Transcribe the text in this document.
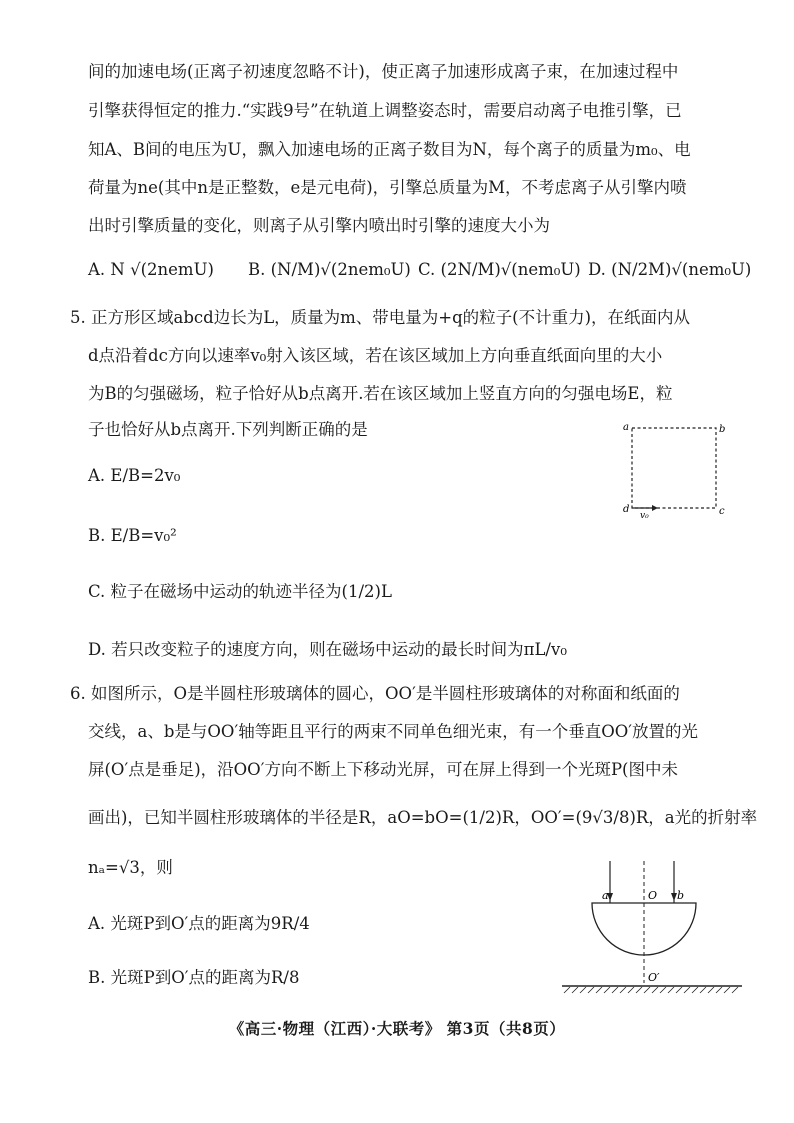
间的加速电场(正离子初速度忽略不计)，使正离子加速形成离子束，在加速过程中
引擎获得恒定的推力.“实践9号”在轨道上调整姿态时，需要启动离子电推引擎，已
知A、B间的电压为U，飘入加速电场的正离子数目为N，每个离子的质量为m₀、电
荷量为ne(其中n是正整数，e是元电荷)，引擎总质量为M，不考虑离子从引擎内喷
出时引擎质量的变化，则离子从引擎内喷出时引擎的速度大小为
A. N √(2nemU) B. (N/M)√(2nem₀U) C. (2N/M)√(nem₀U) D. (N/2M)√(nem₀U)
5. 正方形区域abcd边长为L，质量为m、带电量为+q的粒子(不计重力)，在纸面内从
d点沿着dc方向以速率v₀射入该区域，若在该区域加上方向垂直纸面向里的大小
为B的匀强磁场，粒子恰好从b点离开.若在该区域加上竖直方向的匀强电场E，粒
子也恰好从b点离开.下列判断正确的是
A. E/B=2v₀
B. E/B=v₀²
C. 粒子在磁场中运动的轨迹半径为(1/2)L
D. 若只改变粒子的速度方向，则在磁场中运动的最长时间为πL/v₀
a	b
c
d
v₀
6. 如图所示，O是半圆柱形玻璃体的圆心，OO′是半圆柱形玻璃体的对称面和纸面的
交线，a、b是与OO′轴等距且平行的两束不同单色细光束，有一个垂直OO′放置的光
屏(O′点是垂足)，沿OO′方向不断上下移动光屏，可在屏上得到一个光斑P(图中未
画出)，已知半圆柱形玻璃体的半径是R，aO=bO=(1/2)R，OO′=(9√3/8)R，a光的折射率
nₐ=√3，则
A. 光斑P到O′点的距离为9R/4
B. 光斑P到O′点的距离为R/8
a	O b
O′
《高三·物理（江西）·大联考》 第3页（共8页）
